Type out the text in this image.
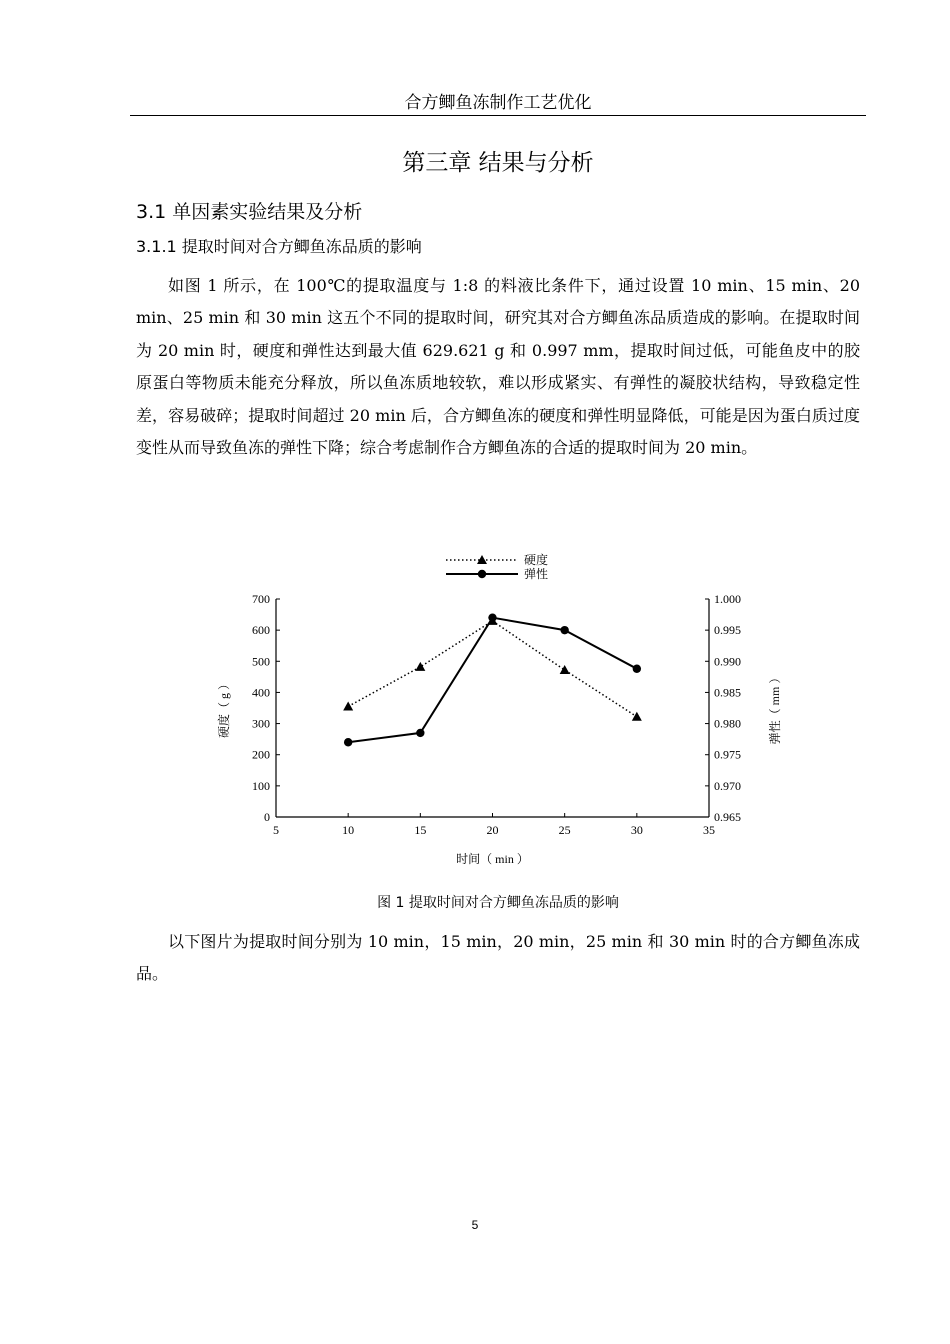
合方鲫鱼冻制作工艺优化
第三章 结果与分析
3.1 单因素实验结果及分析
3.1.1 提取时间对合方鲫鱼冻品质的影响

如图 1 所示，在 100℃的提取温度与 1:8 的料液比条件下，通过设置 10 min、15 min、20 min、25 min 和 30 min 这五个不同的提取时间，研究其对合方鲫鱼冻品质造成的影响。在提取时间为 20 min 时，硬度和弹性达到最大值 629.621 g 和 0.997 mm，提取时间过低，可能鱼皮中的胶原蛋白等物质未能充分释放，所以鱼冻质地较软，难以形成紧实、有弹性的凝胶状结构，导致稳定性差，容易破碎；提取时间超过 20 min 后，合方鲫鱼冻的硬度和弹性明显降低，可能是因为蛋白质过度变性从而导致鱼冻的弹性下降；综合考虑制作合方鲫鱼冻的合适的提取时间为 20 min。

硬度
弹性
5	10	15	20	25	30	35
0
100
200
300
400
500
600
700
0.965
0.970
0.975
0.980
0.985
0.990
0.995
1.000
时间（ min ）
硬度（ g ）	弹性（ mm ）
图 1 提取时间对合方鲫鱼冻品质的影响

以下图片为提取时间分别为 10 min，15 min，20 min，25 min 和 30 min 时的合方鲫鱼冻成品。

5
